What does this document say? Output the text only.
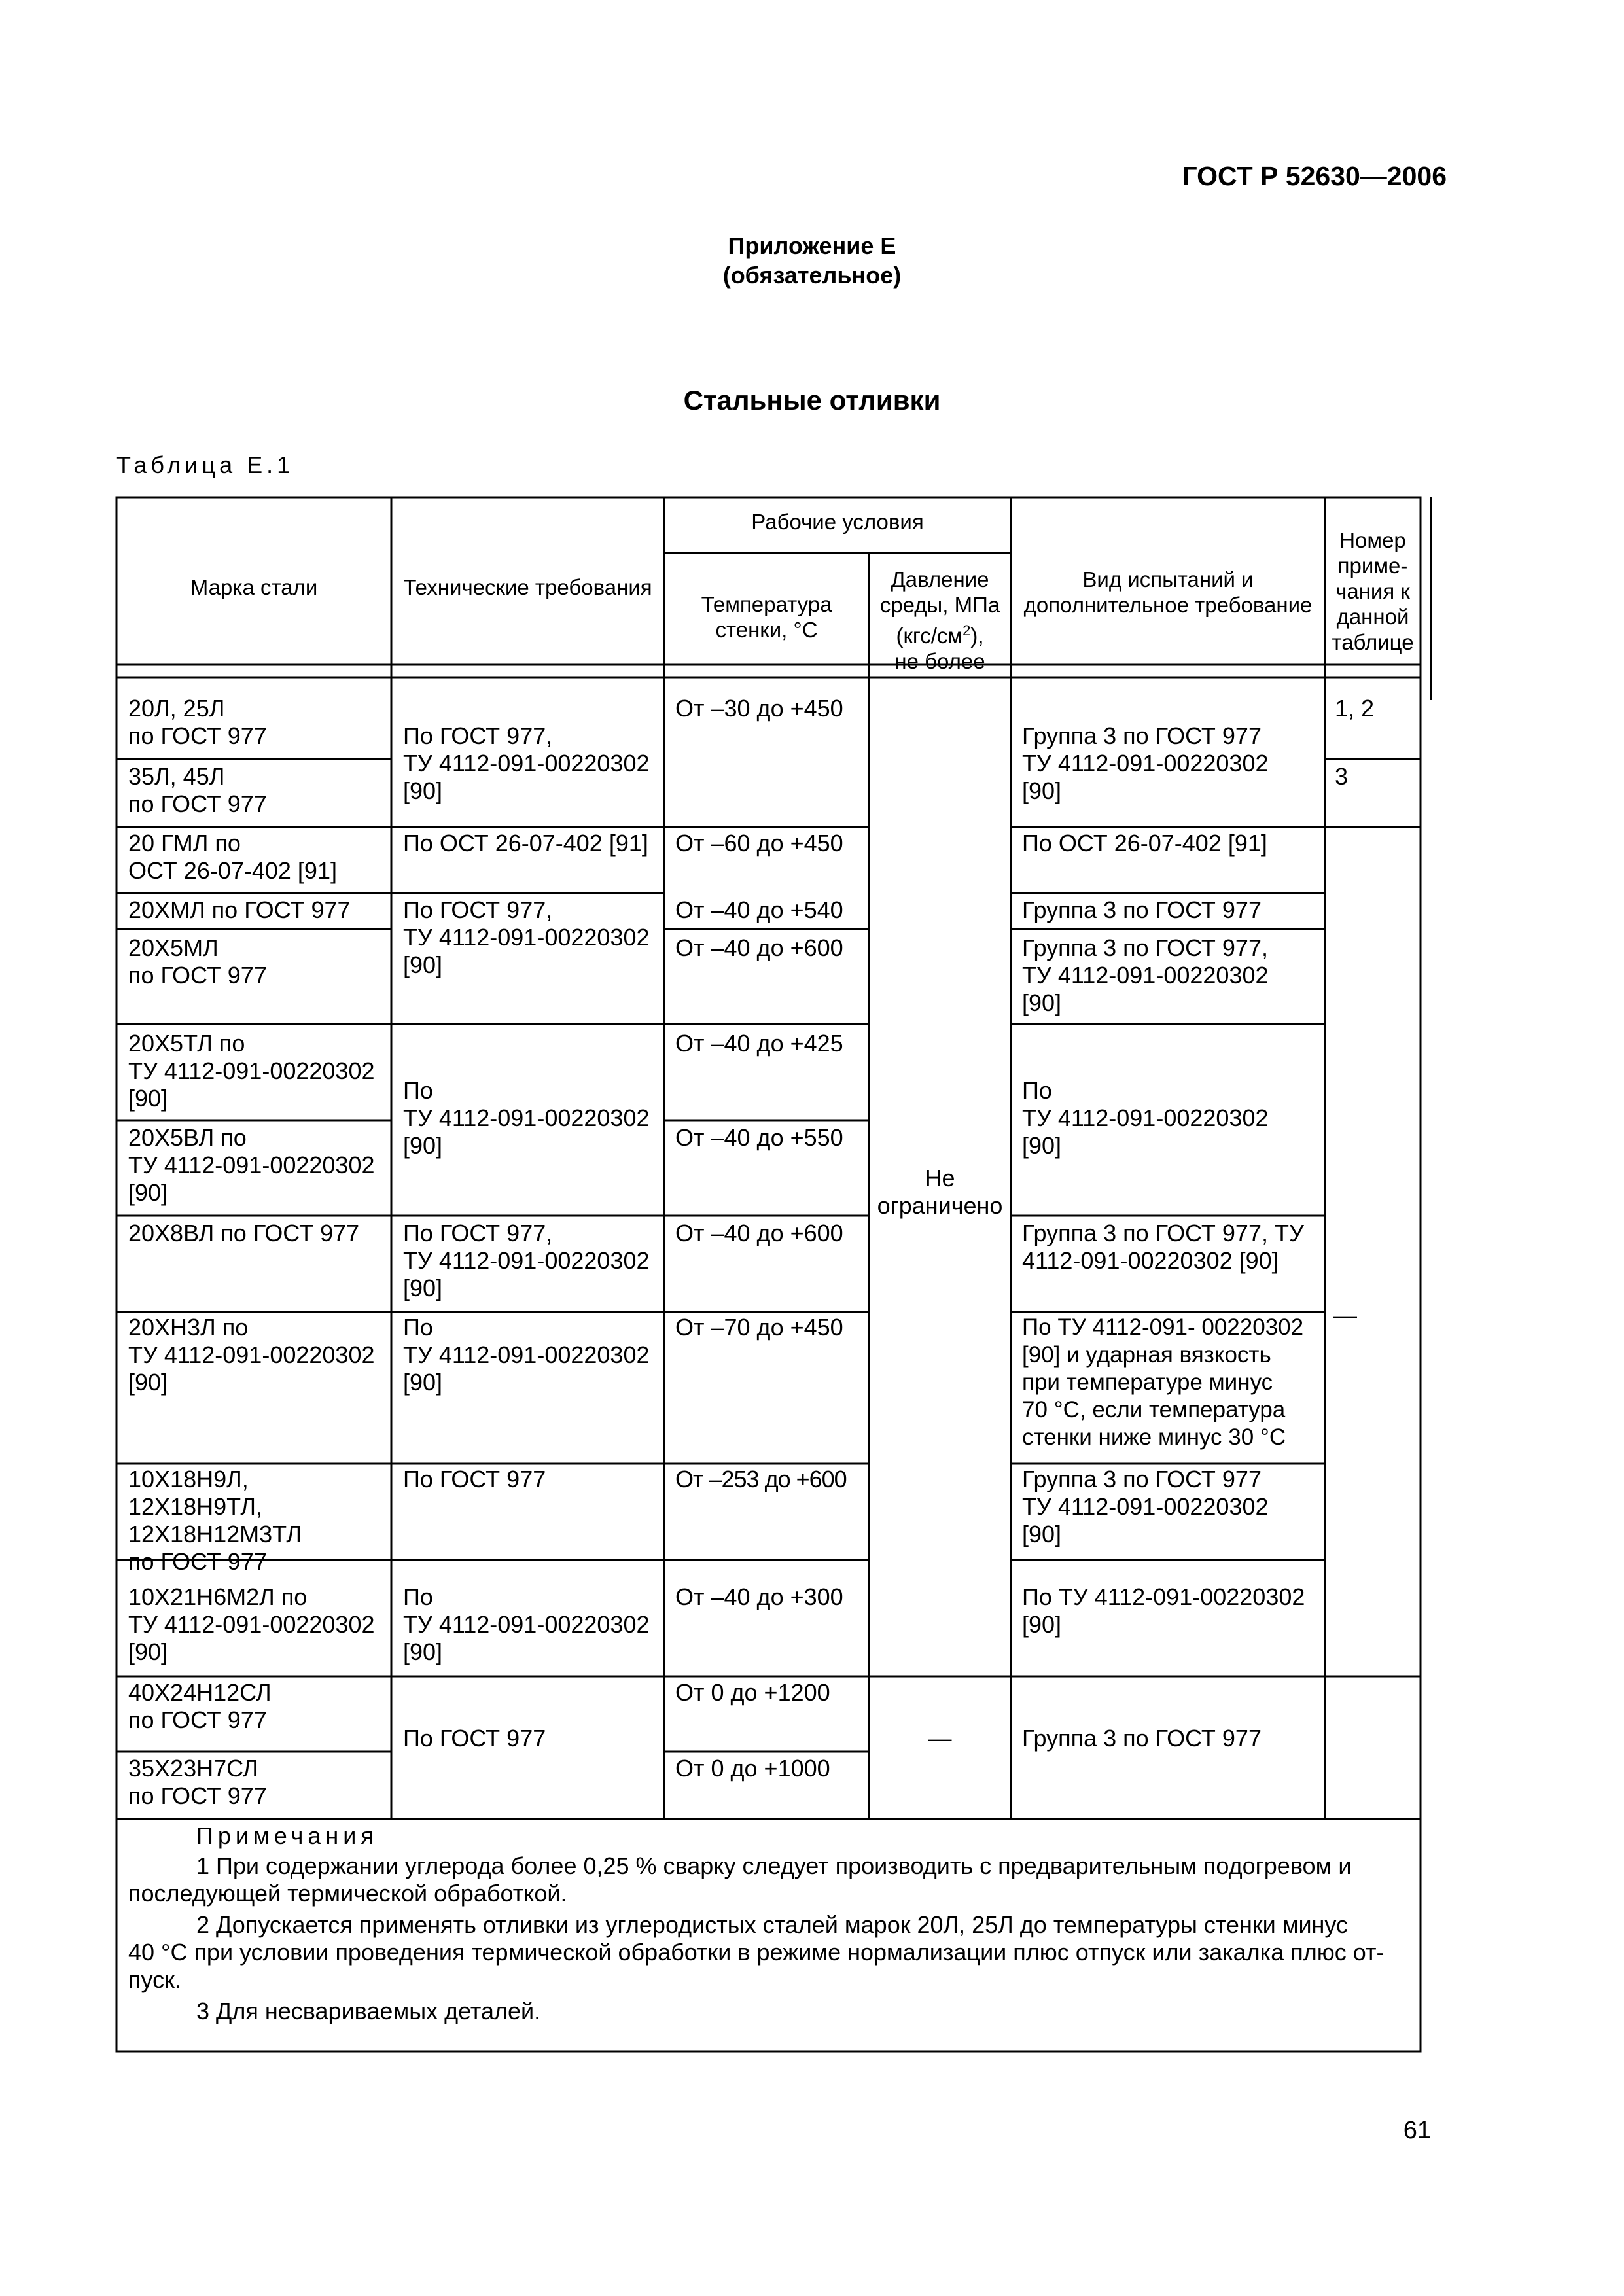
ГОСТ Р 52630—2006
Приложение Е
(обязательное)
Стальные отливки
Таблица Е.1
Марка стали	Технические требования
Рабочие условия
Температура
стенки, °С
Давление
среды, МПа
$(кгс/см^2)$,
не более
Вид испытаний и
дополнительное требование
Номер
приме-
чания к
данной
таблице
20Л, 25Л
по ГОСТ 977
35Л, 45Л
по ГОСТ 977
20 ГМЛ по
ОСТ 26-07-402 [91]
20ХМЛ по ГОСТ 977
20Х5МЛ
по ГОСТ 977
20Х5ТЛ по
ТУ 4112-091-00220302
[90]
20Х5ВЛ по
ТУ 4112-091-00220302
[90]
20Х8ВЛ по ГОСТ 977
20ХН3Л по
ТУ 4112-091-00220302
[90]
10Х18Н9Л,
12Х18Н9ТЛ,
12Х18Н12М3ТЛ
по ГОСТ 977
10Х21Н6М2Л по
ТУ 4112-091-00220302
[90]
40Х24Н12СЛ
по ГОСТ 977
35Х23Н7СЛ
по ГОСТ 977
По ГОСТ 977,
ТУ 4112-091-00220302
[90]
По ОСТ 26-07-402 [91]
По ГОСТ 977,
ТУ 4112-091-00220302
[90]
По
ТУ 4112-091-00220302
[90]
По ГОСТ 977,
ТУ 4112-091-00220302
[90]
По
ТУ 4112-091-00220302
[90]
По ГОСТ 977
По
ТУ 4112-091-00220302
[90]
По ГОСТ 977
От –30 до +450
От –60 до +450
От –40 до +540
От –40 до +600
От –40 до +425
От –40 до +550
От –40 до +600
От –70 до +450
От –253 до +600
От –40 до +300
От 0 до +1200
От 0 до +1000
Не
ограничено
—
Группа 3 по ГОСТ 977
ТУ 4112-091-00220302
[90]
По ОСТ 26-07-402 [91]
Группа 3 по ГОСТ 977
Группа 3 по ГОСТ 977,
ТУ 4112-091-00220302
[90]
По
ТУ 4112-091-00220302
[90]
Группа 3 по ГОСТ 977, ТУ
4112-091-00220302 [90]
По ТУ 4112-091- 00220302
[90] и ударная вязкость
при температуре минус
70 °С, если температура
стенки ниже минус 30 °С
Группа 3 по ГОСТ 977
ТУ 4112-091-00220302
[90]
По ТУ 4112-091-00220302
[90]
Группа 3 по ГОСТ 977
1, 2
3
—
Примечания
1 При содержании углерода более 0,25 % сварку следует производить с предварительным подогревом и
последующей термической обработкой.
2 Допускается применять отливки из углеродистых сталей марок 20Л, 25Л до температуры стенки минус
40 °С при условии проведения термической обработки в режиме нормализации плюс отпуск или закалка плюс от-
пуск.
3 Для несвариваемых деталей.
61
